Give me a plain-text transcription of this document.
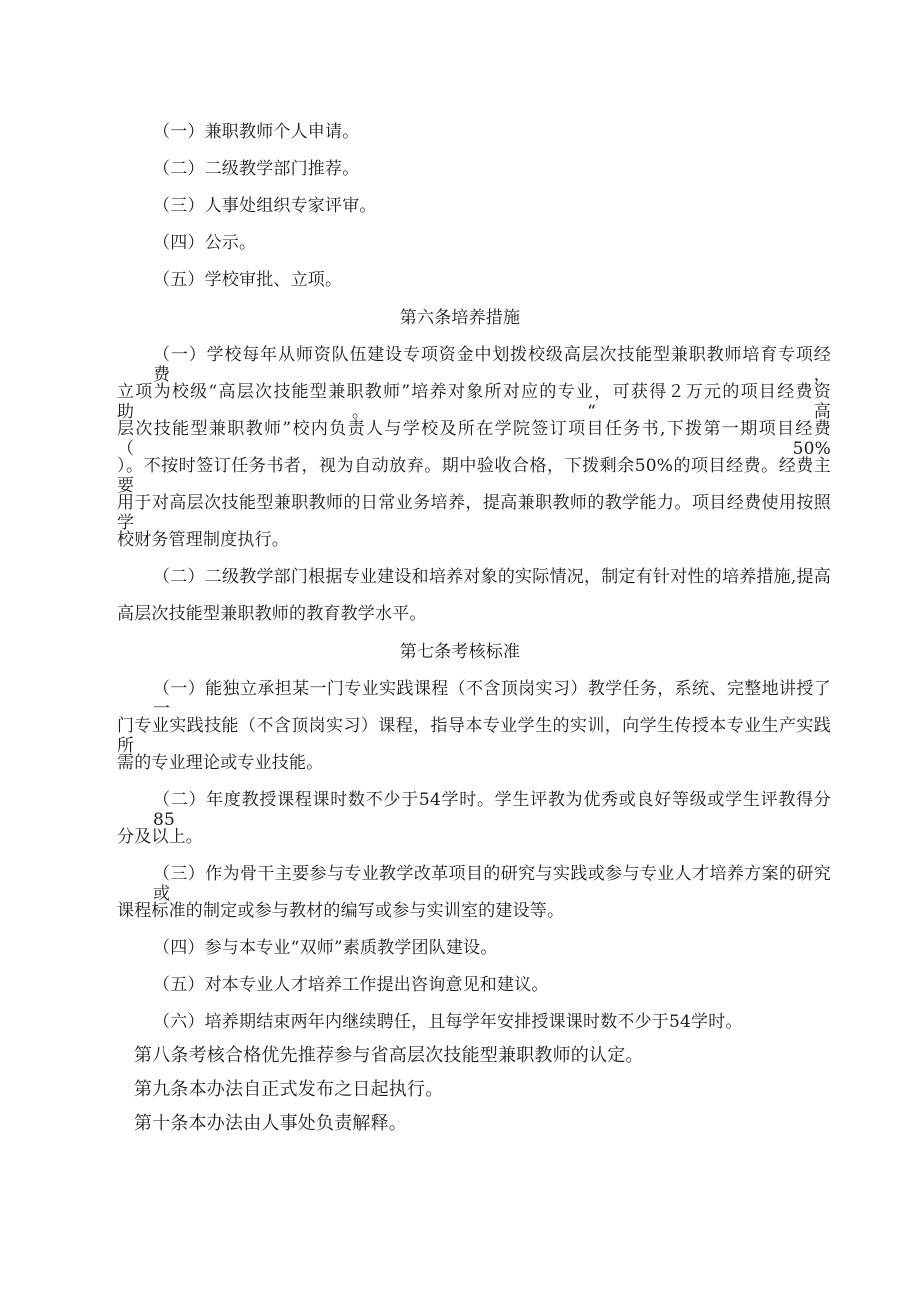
（一）兼职教师个人申请。

（二）二级教学部门推荐。

（三）人事处组织专家评审。

（四）公示。

（五）学校审批、立项。

第六条培养措施

（一）学校每年从师资队伍建设专项资金中划拨校级高层次技能型兼职教师培育专项经费，

立项为校级“高层次技能型兼职教师”培养对象所对应的专业，可获得２万元的项目经费资助。“高

层次技能型兼职教师”校内负责人与学校及所在学院签订项目任务书,下拨第一期项目经费（50%

）。不按时签订任务书者，视为自动放弃。期中验收合格，下拨剩余50%的项目经费。经费主要

用于对高层次技能型兼职教师的日常业务培养，提高兼职教师的教学能力。项目经费使用按照学

校财务管理制度执行。

（二）二级教学部门根据专业建设和培养对象的实际情况，制定有针对性的培养措施,提高

高层次技能型兼职教师的教育教学水平。

第七条考核标准

（一）能独立承担某一门专业实践课程（不含顶岗实习）教学任务，系统、完整地讲授了一

门专业实践技能（不含顶岗实习）课程，指导本专业学生的实训，向学生传授本专业生产实践所

需的专业理论或专业技能。

（二）年度教授课程课时数不少于54学时。学生评教为优秀或良好等级或学生评教得分85

分及以上。

（三）作为骨干主要参与专业教学改革项目的研究与实践或参与专业人才培养方案的研究或

课程标准的制定或参与教材的编写或参与实训室的建设等。

（四）参与本专业“双师”素质教学团队建设。

（五）对本专业人才培养工作提出咨询意见和建议。

（六）培养期结束两年内继续聘任，且每学年安排授课课时数不少于54学时。

第八条考核合格优先推荐参与省高层次技能型兼职教师的认定。

第九条本办法自正式发布之日起执行。

第十条本办法由人事处负责解释。
